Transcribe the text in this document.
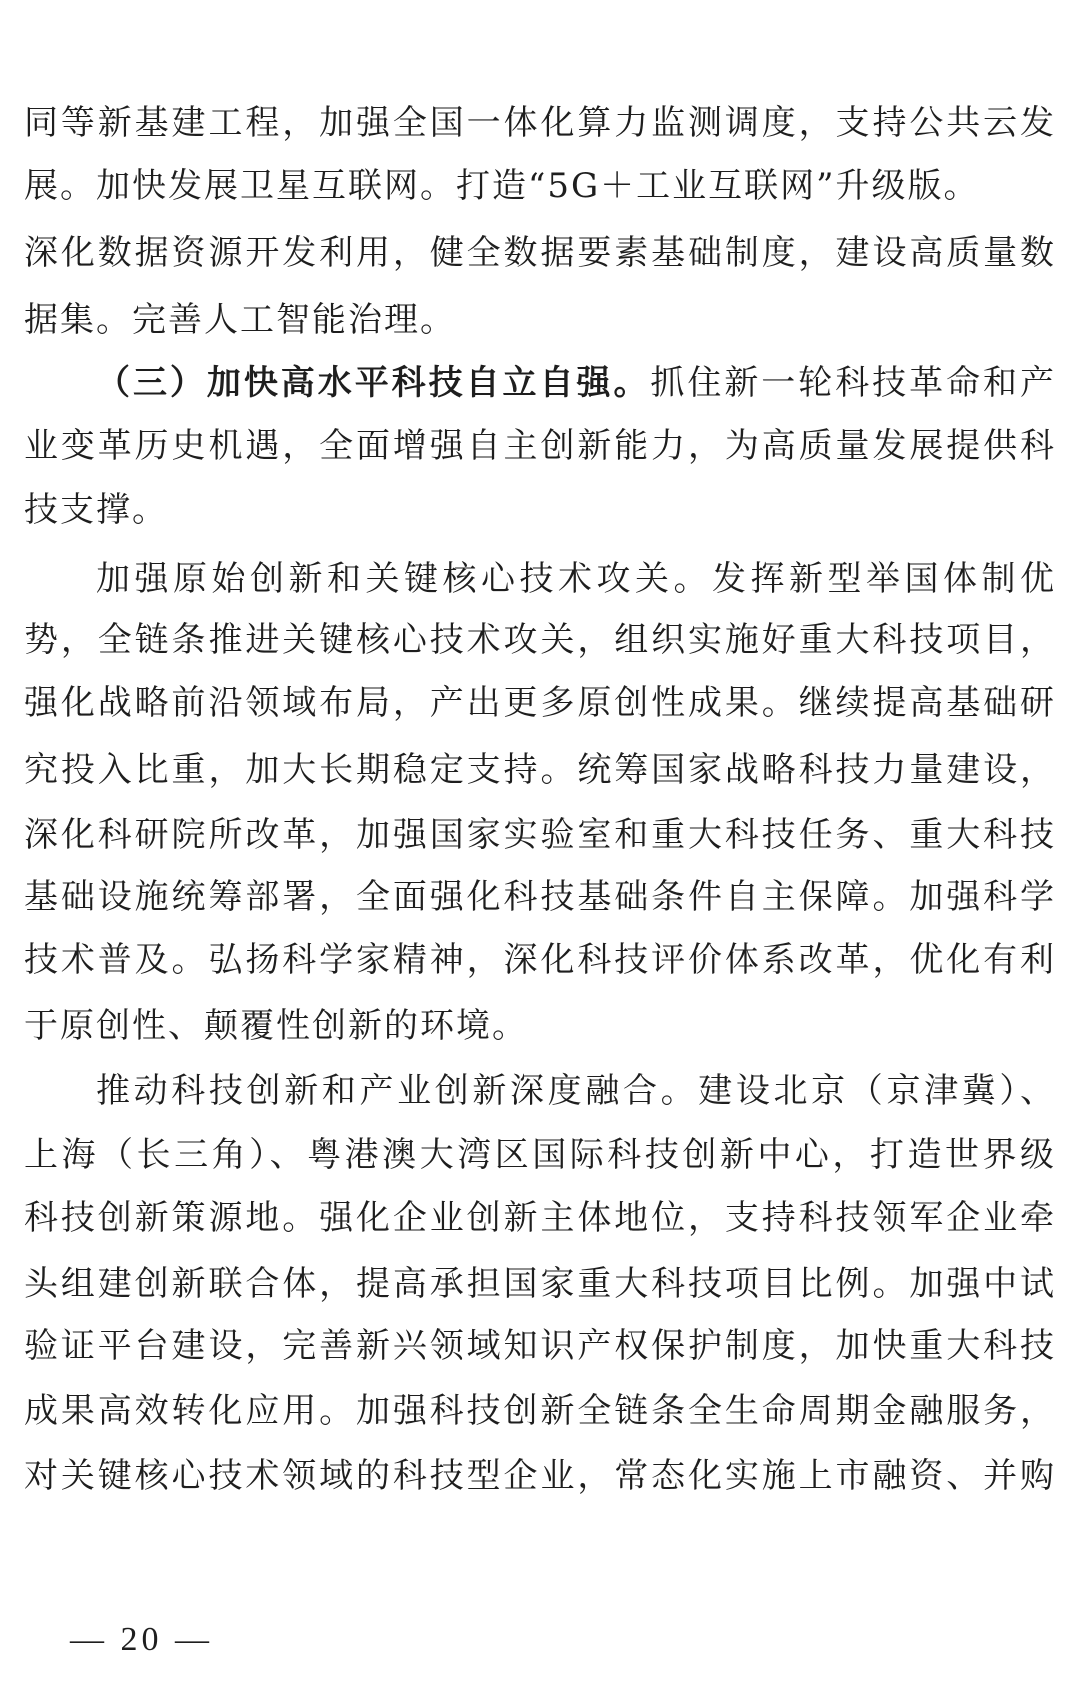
同等新基建工程，加强全国一体化算力监测调度，支持公共云发
展。加快发展卫星互联网。打造“5G＋工业互联网”升级版。
深化数据资源开发利用，健全数据要素基础制度，建设高质量数
据集。完善人工智能治理。
（三）加快高水平科技自立自强。抓住新一轮科技革命和产
业变革历史机遇，全面增强自主创新能力，为高质量发展提供科
技支撑。
加强原始创新和关键核心技术攻关。发挥新型举国体制优
势，全链条推进关键核心技术攻关，组织实施好重大科技项目，
强化战略前沿领域布局，产出更多原创性成果。继续提高基础研
究投入比重，加大长期稳定支持。统筹国家战略科技力量建设，
深化科研院所改革，加强国家实验室和重大科技任务、重大科技
基础设施统筹部署，全面强化科技基础条件自主保障。加强科学
技术普及。弘扬科学家精神，深化科技评价体系改革，优化有利
于原创性、颠覆性创新的环境。
推动科技创新和产业创新深度融合。建设北京（京津冀）、
上海（长三角）、粤港澳大湾区国际科技创新中心，打造世界级
科技创新策源地。强化企业创新主体地位，支持科技领军企业牵
头组建创新联合体，提高承担国家重大科技项目比例。加强中试
验证平台建设，完善新兴领域知识产权保护制度，加快重大科技
成果高效转化应用。加强科技创新全链条全生命周期金融服务，
对关键核心技术领域的科技型企业，常态化实施上市融资、并购
— 20 —
